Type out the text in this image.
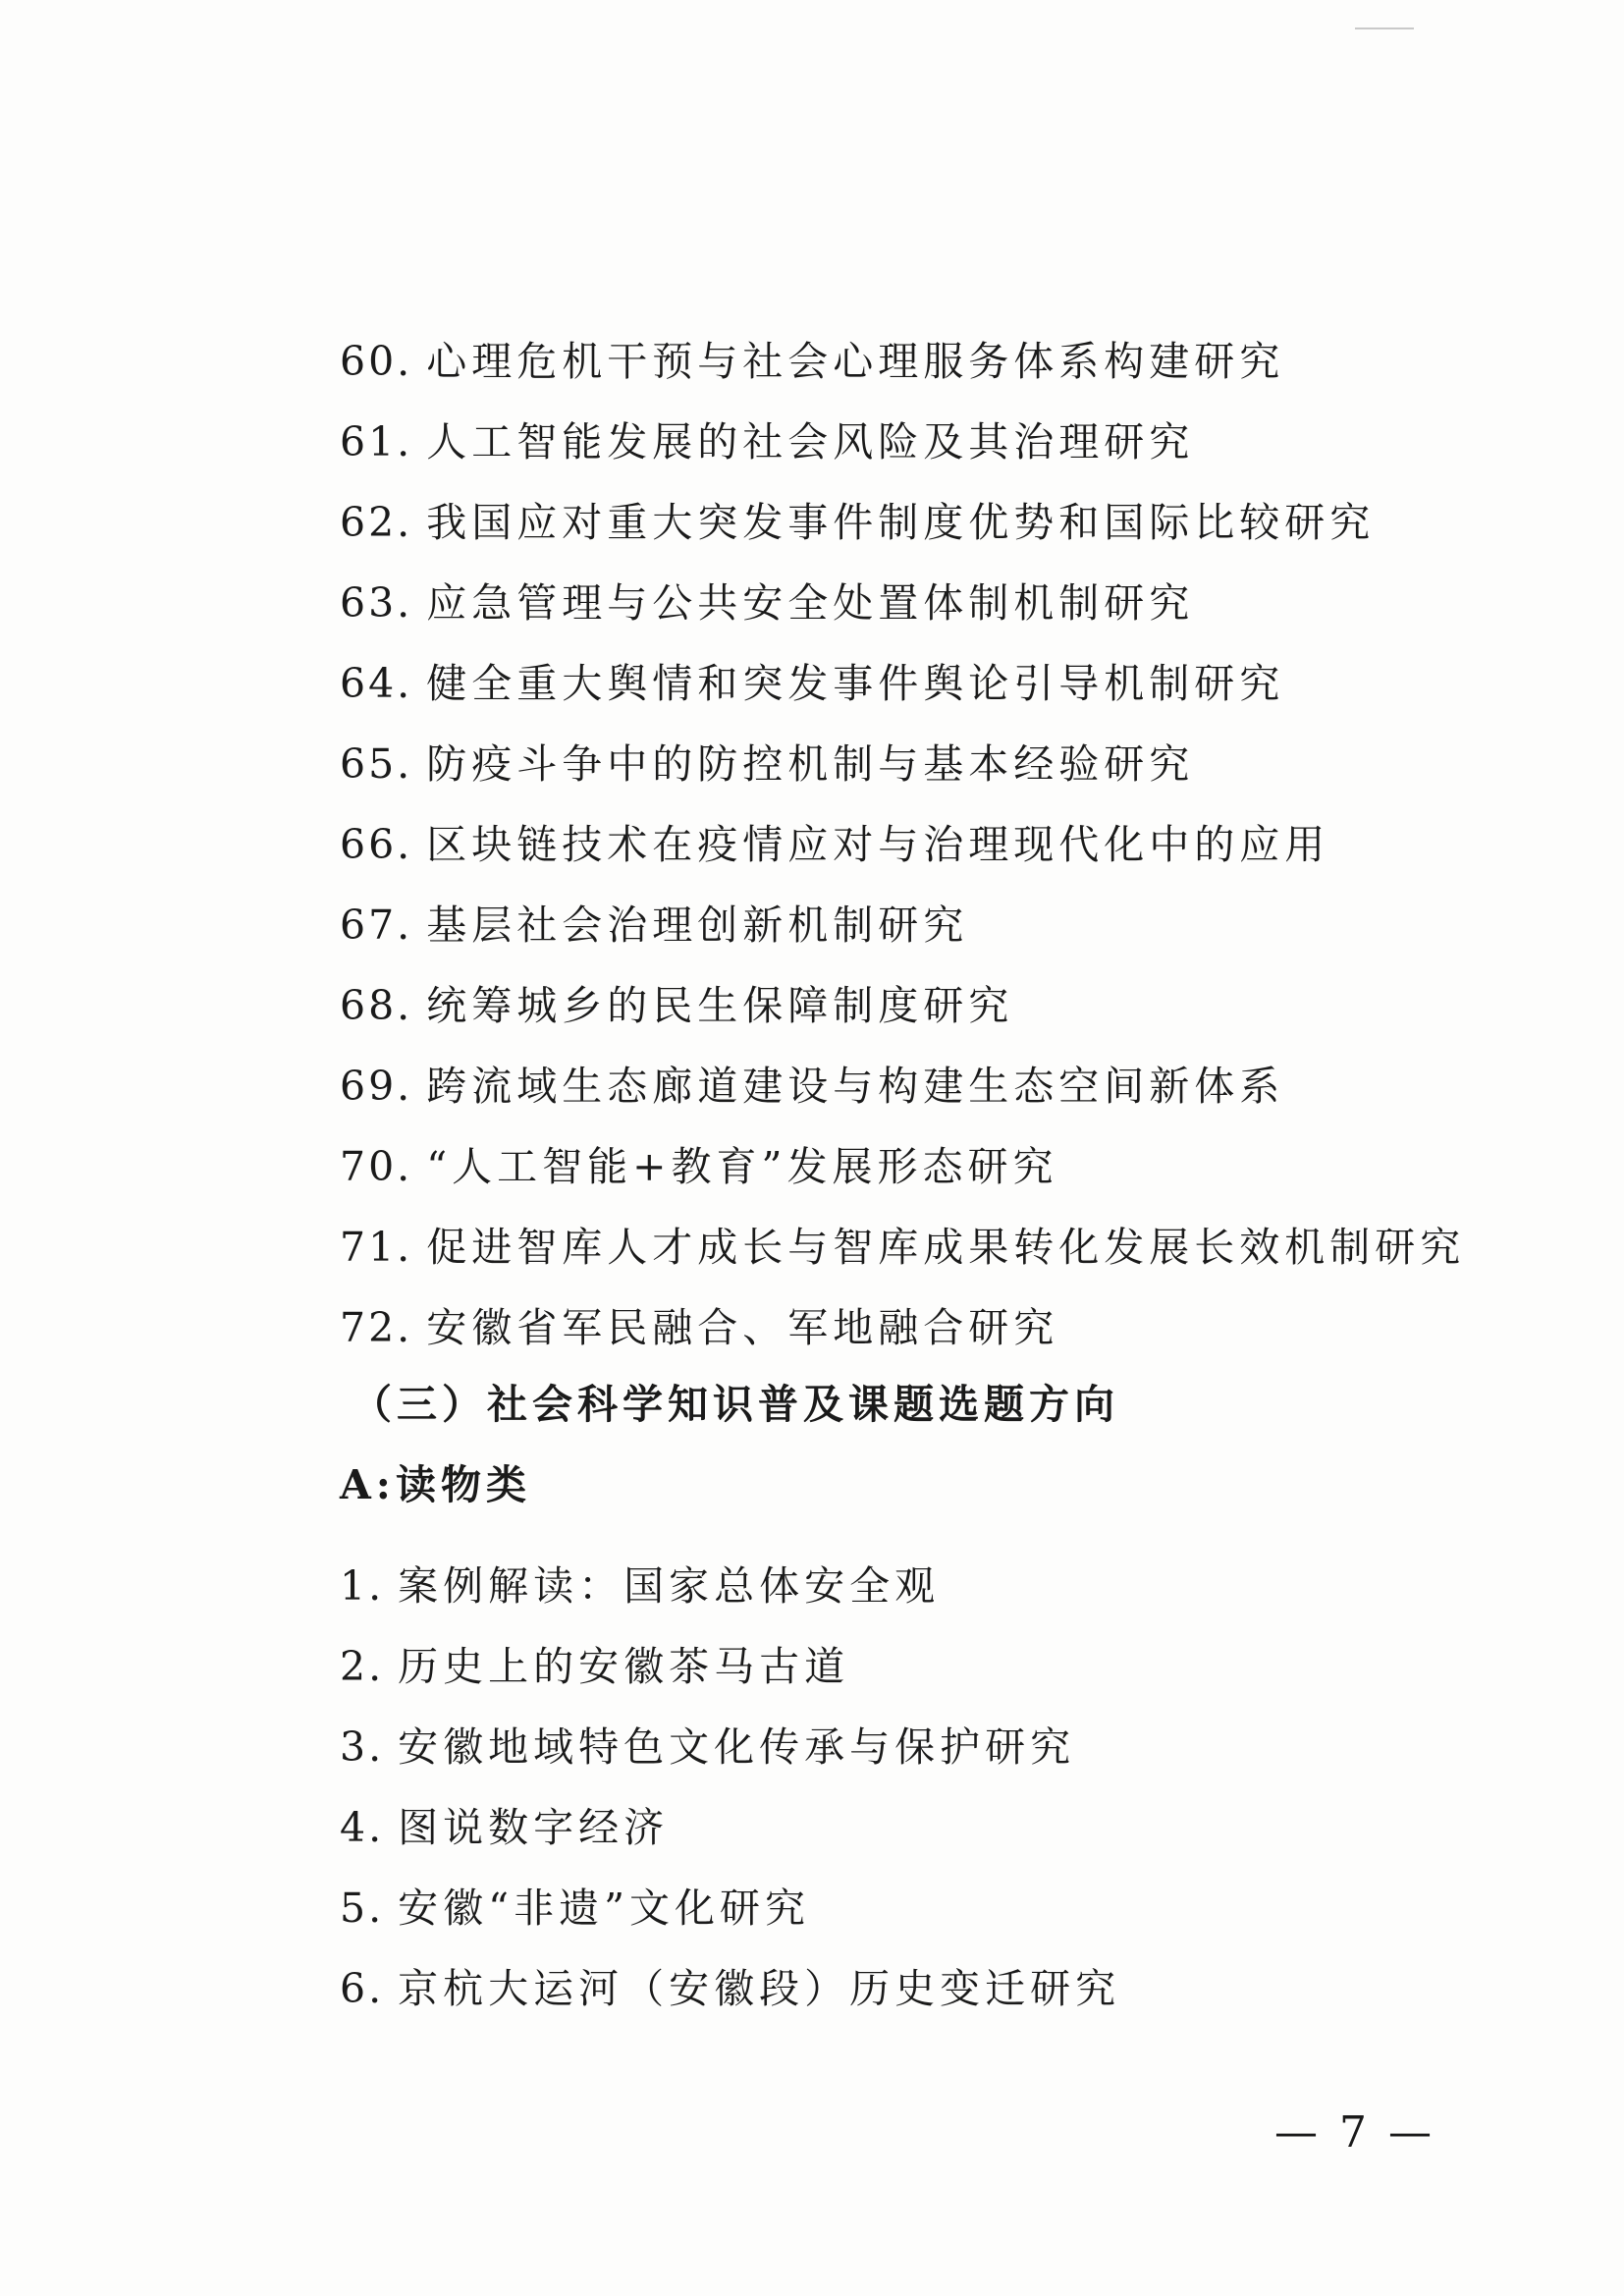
60. 心理危机干预与社会心理服务体系构建研究
61. 人工智能发展的社会风险及其治理研究
62. 我国应对重大突发事件制度优势和国际比较研究
63. 应急管理与公共安全处置体制机制研究
64. 健全重大舆情和突发事件舆论引导机制研究
65. 防疫斗争中的防控机制与基本经验研究
66. 区块链技术在疫情应对与治理现代化中的应用
67. 基层社会治理创新机制研究
68. 统筹城乡的民生保障制度研究
69. 跨流域生态廊道建设与构建生态空间新体系
70. “人工智能+教育”发展形态研究
71. 促进智库人才成长与智库成果转化发展长效机制研究
72. 安徽省军民融合、军地融合研究
（三）社会科学知识普及课题选题方向
A:读物类
1. 案例解读：国家总体安全观
2. 历史上的安徽茶马古道
3. 安徽地域特色文化传承与保护研究
4. 图说数字经济
5. 安徽“非遗”文化研究
6. 京杭大运河（安徽段）历史变迁研究
— 7 —
